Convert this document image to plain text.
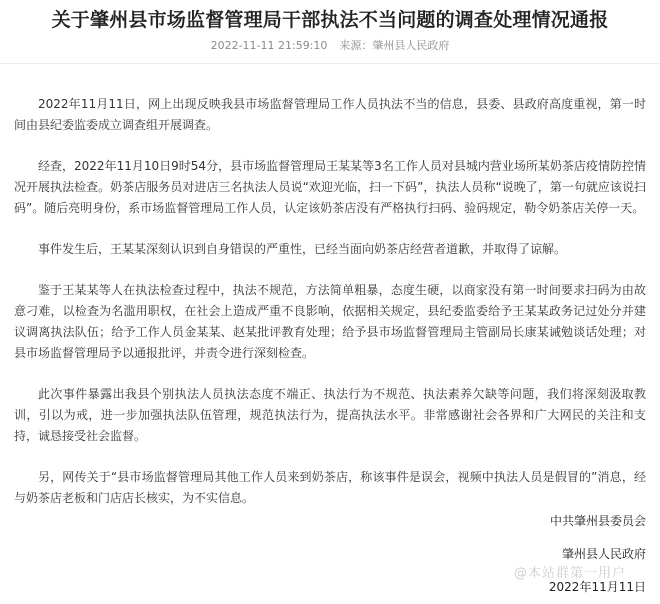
关于肇州县市场监督管理局干部执法不当问题的调查处理情况通报
2022-11-11 21:59:10 来源：肇州县人民政府

2022年11月11日，网上出现反映我县市场监督管理局工作人员执法不当的信息，县委、县政府高度重视，第一时间由县纪委监委成立调查组开展调查。

经查，2022年11月10日9时54分，县市场监督管理局王某某等3名工作人员对县城内营业场所某奶茶店疫情防控情况开展执法检查。奶茶店服务员对进店三名执法人员说“欢迎光临，扫一下码”，执法人员称“说晚了，第一句就应该说扫码”。随后亮明身份，系市场监督管理局工作人员，认定该奶茶店没有严格执行扫码、验码规定，勒令奶茶店关停一天。

事件发生后，王某某深刻认识到自身错误的严重性，已经当面向奶茶店经营者道歉，并取得了谅解。

鉴于王某某等人在执法检查过程中，执法不规范，方法简单粗暴，态度生硬，以商家没有第一时间要求扫码为由故意刁难，以检查为名滥用职权，在社会上造成严重不良影响，依据相关规定，县纪委监委给予王某某政务记过处分并建议调离执法队伍；给予工作人员金某某、赵某批评教育处理；给予县市场监督管理局主管副局长康某诫勉谈话处理；对县市场监督管理局予以通报批评，并责令进行深刻检查。

此次事件暴露出我县个别执法人员执法态度不端正、执法行为不规范、执法素养欠缺等问题，我们将深刻汲取教训，引以为戒，进一步加强执法队伍管理，规范执法行为，提高执法水平。非常感谢社会各界和广大网民的关注和支持，诚恳接受社会监督。

另，网传关于“县市场监督管理局其他工作人员来到奶茶店，称该事件是误会，视频中执法人员是假冒的”消息，经与奶茶店老板和门店店长核实，为不实信息。

中共肇州县委员会
肇州县人民政府
@本站群第一用户
2022年11月11日
